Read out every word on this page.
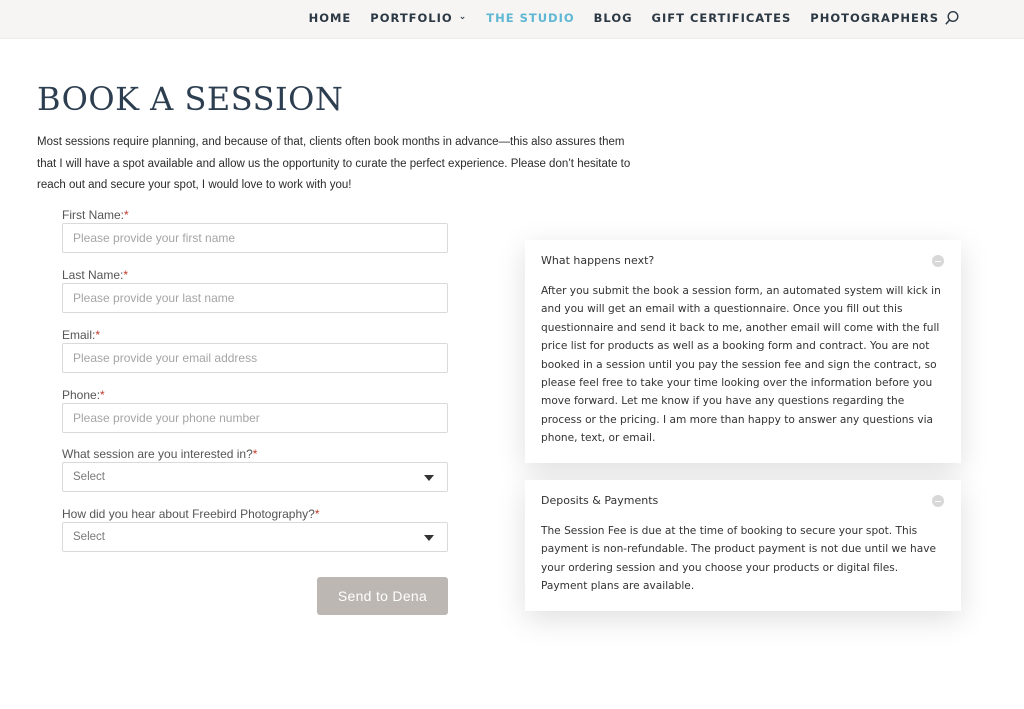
HOME PORTFOLIO ⌄ THE STUDIO BLOG GIFT CERTIFICATES PHOTOGRAPHERS
BOOK A SESSION

Most sessions require planning, and because of that, clients often book months in advance—this also assures them that I will have a spot available and allow us the opportunity to curate the perfect experience. Please don’t hesitate to reach out and secure your spot, I would love to work with you!

First Name:*
Please provide your first name
Last Name:*
Please provide your last name
Email:*
Please provide your email address
Phone:*
Please provide your phone number
What session are you interested in?*
Select
How did you hear about Freebird Photography?*
Select
Send to Dena
What happens next?
After you submit the book a session form, an automated system will kick in and you will get an email with a questionnaire. Once you fill out this questionnaire and send it back to me, another email will come with the full price list for products as well as a booking form and contract. You are not booked in a session until you pay the session fee and sign the contract, so please feel free to take your time looking over the information before you move forward. Let me know if you have any questions regarding the process or the pricing. I am more than happy to answer any questions via phone, text, or email.
Deposits & Payments
The Session Fee is due at the time of booking to secure your spot. This payment is non-refundable. The product payment is not due until we have your ordering session and you choose your products or digital files. Payment plans are available.
